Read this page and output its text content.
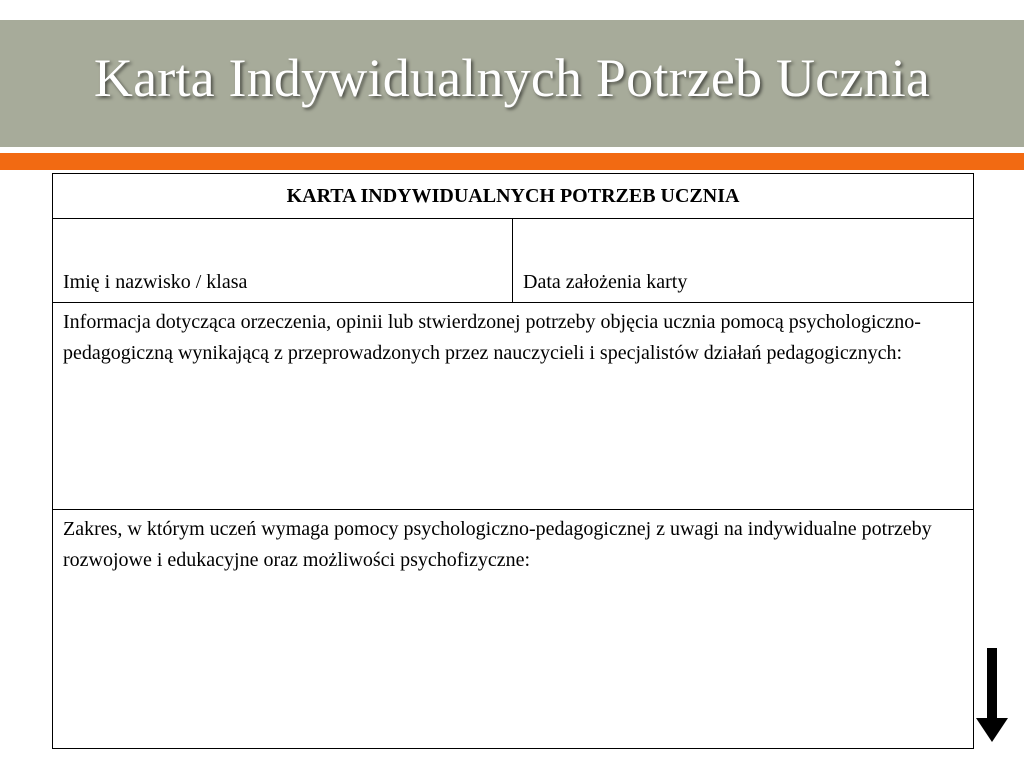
Karta Indywidualnych Potrzeb Ucznia
KARTA INDYWIDUALNYCH POTRZEB UCZNIA
Imię i nazwisko / klasa	Data założenia karty
Informacja dotycząca orzeczenia, opinii lub stwierdzonej potrzeby objęcia ucznia pomocą psychologiczno-pedagogiczną wynikającą z przeprowadzonych przez nauczycieli i specjalistów działań pedagogicznych:
Zakres, w którym uczeń wymaga pomocy psychologiczno-pedagogicznej z uwagi na indywidualne potrzeby rozwojowe i edukacyjne oraz możliwości psychofizyczne:
